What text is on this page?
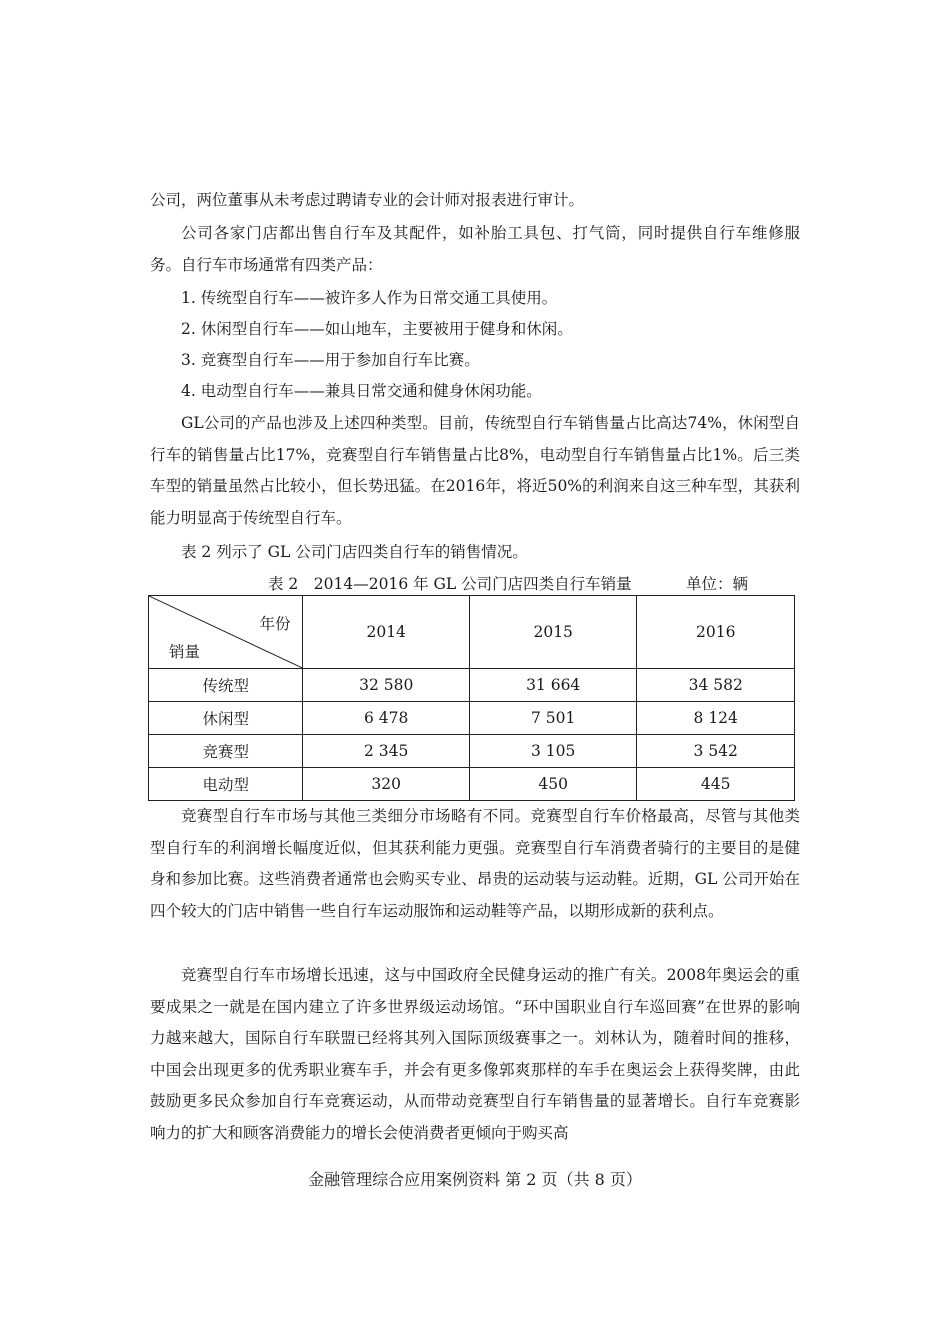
公司，两位董事从未考虑过聘请专业的会计师对报表进行审计。

公司各家门店都出售自行车及其配件，如补胎工具包、打气筒，同时提供自行车维修服务。自行车市场通常有四类产品：

1. 传统型自行车——被许多人作为日常交通工具使用。
2. 休闲型自行车——如山地车，主要被用于健身和休闲。
3. 竞赛型自行车——用于参加自行车比赛。
4. 电动型自行车——兼具日常交通和健身休闲功能。

GL公司的产品也涉及上述四种类型。目前，传统型自行车销售量占比高达74%，休闲型自行车的销售量占比17%，竞赛型自行车销售量占比8%，电动型自行车销售量占比1%。后三类车型的销量虽然占比较小，但长势迅猛。在2016年，将近50%的利润来自这三种车型，其获利能力明显高于传统型自行车。

表 2 列示了 GL 公司门店四类自行车的销售情况。

表 2　2014—2016 年 GL 公司门店四类自行车销量	单位：辆
年份
销量	2014	2015	2016
传统型	32 580	31 664	34 582
休闲型	6 478	7 501	8 124
竞赛型	2 345	3 105	3 542
电动型	320	450	445

竞赛型自行车市场与其他三类细分市场略有不同。竞赛型自行车价格最高，尽管与其他类型自行车的利润增长幅度近似，但其获利能力更强。竞赛型自行车消费者骑行的主要目的是健身和参加比赛。这些消费者通常也会购买专业、昂贵的运动装与运动鞋。近期，GL 公司开始在四个较大的门店中销售一些自行车运动服饰和运动鞋等产品，以期形成新的获利点。

竞赛型自行车市场增长迅速，这与中国政府全民健身运动的推广有关。2008年奥运会的重要成果之一就是在国内建立了许多世界级运动场馆。“环中国职业自行车巡回赛”在世界的影响力越来越大，国际自行车联盟已经将其列入国际顶级赛事之一。刘林认为，随着时间的推移，中国会出现更多的优秀职业赛车手，并会有更多像郭爽那样的车手在奥运会上获得奖牌，由此鼓励更多民众参加自行车竞赛运动，从而带动竞赛型自行车销售量的显著增长。自行车竞赛影响力的扩大和顾客消费能力的增长会使消费者更倾向于购买高

金融管理综合应用案例资料 第 2 页（共 8 页）
